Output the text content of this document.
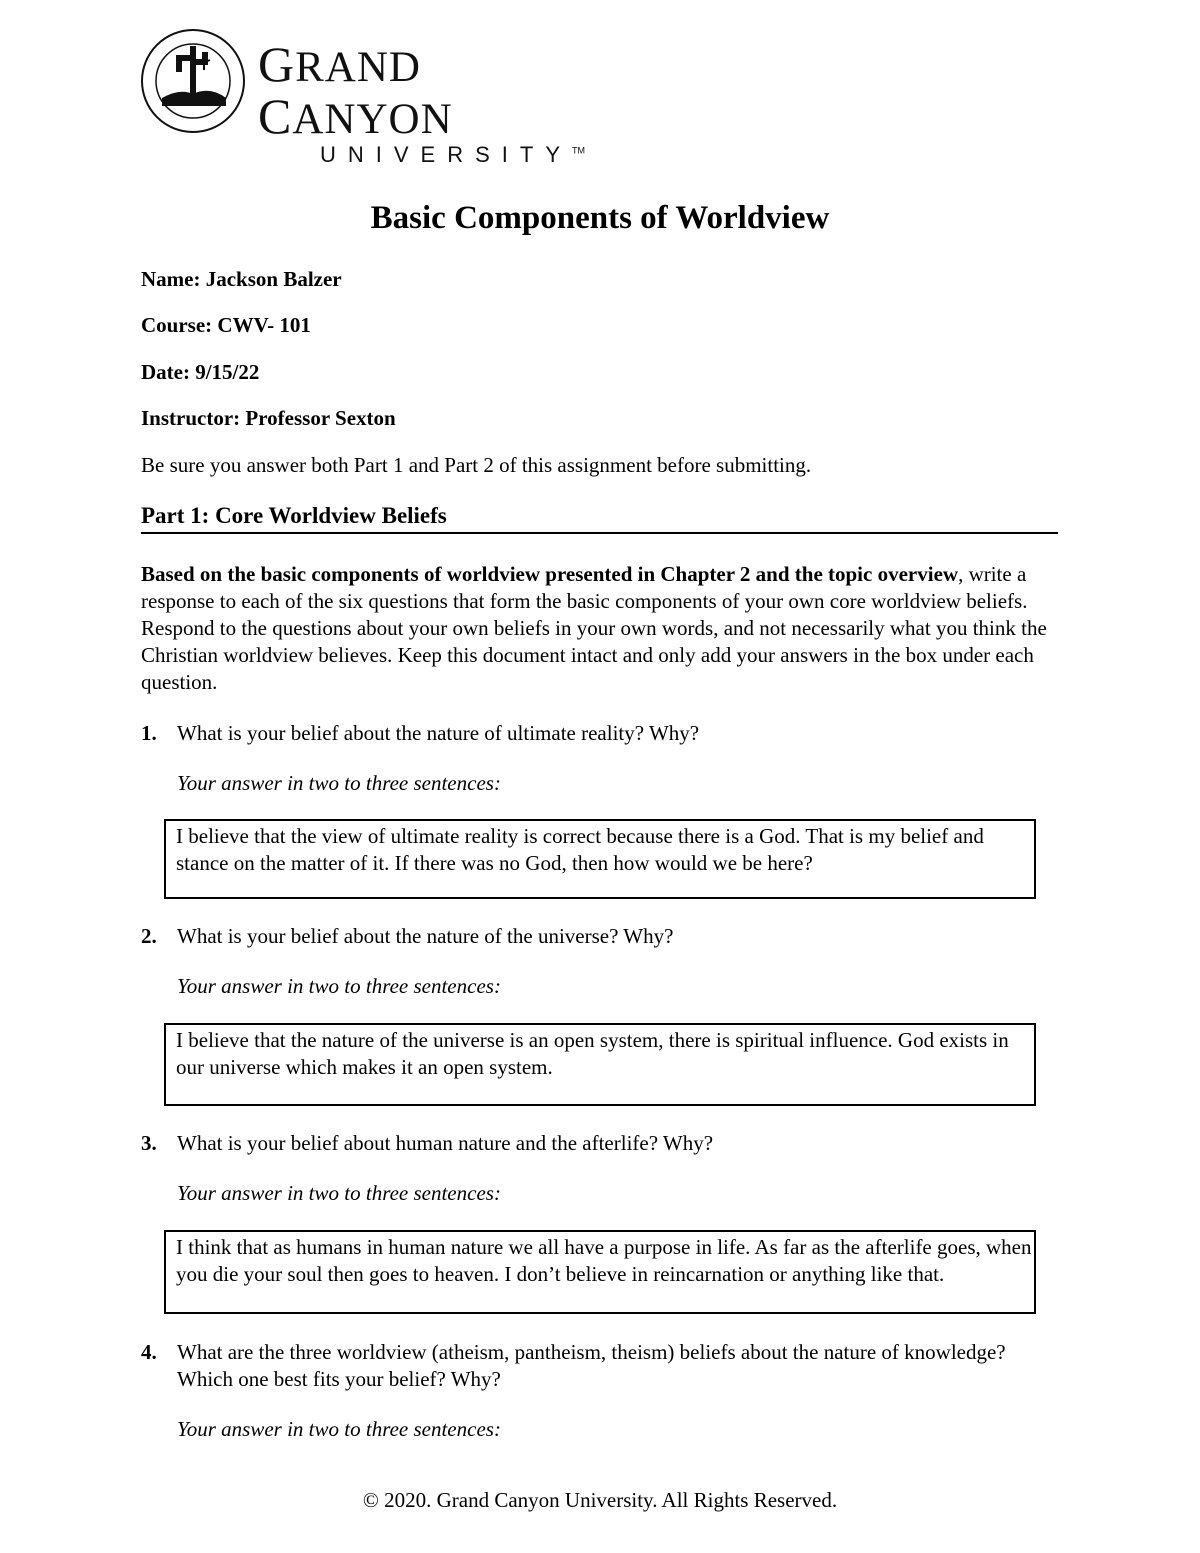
GRAND CANYON
UNIVERSITY™
Basic Components of Worldview
Name: Jackson Balzer
Course: CWV- 101
Date: 9/15/22
Instructor: Professor Sexton
Be sure you answer both Part 1 and Part 2 of this assignment before submitting.
Part 1: Core Worldview Beliefs
Based on the basic components of worldview presented in Chapter 2 and the topic overview, write a response to each of the six questions that form the basic components of your own core worldview beliefs. Respond to the questions about your own beliefs in your own words, and not necessarily what you think the Christian worldview believes. Keep this document intact and only add your answers in the box under each question.
1. What is your belief about the nature of ultimate reality? Why?
Your answer in two to three sentences:
I believe that the view of ultimate reality is correct because there is a God. That is my belief and stance on the matter of it. If there was no God, then how would we be here?
2. What is your belief about the nature of the universe? Why?
Your answer in two to three sentences:
I believe that the nature of the universe is an open system, there is spiritual influence. God exists in our universe which makes it an open system.
3. What is your belief about human nature and the afterlife? Why?
Your answer in two to three sentences:
I think that as humans in human nature we all have a purpose in life. As far as the afterlife goes, when you die your soul then goes to heaven. I don’t believe in reincarnation or anything like that.
4. What are the three worldview (atheism, pantheism, theism) beliefs about the nature of knowledge? Which one best fits your belief? Why?
Your answer in two to three sentences:
© 2020. Grand Canyon University. All Rights Reserved.
